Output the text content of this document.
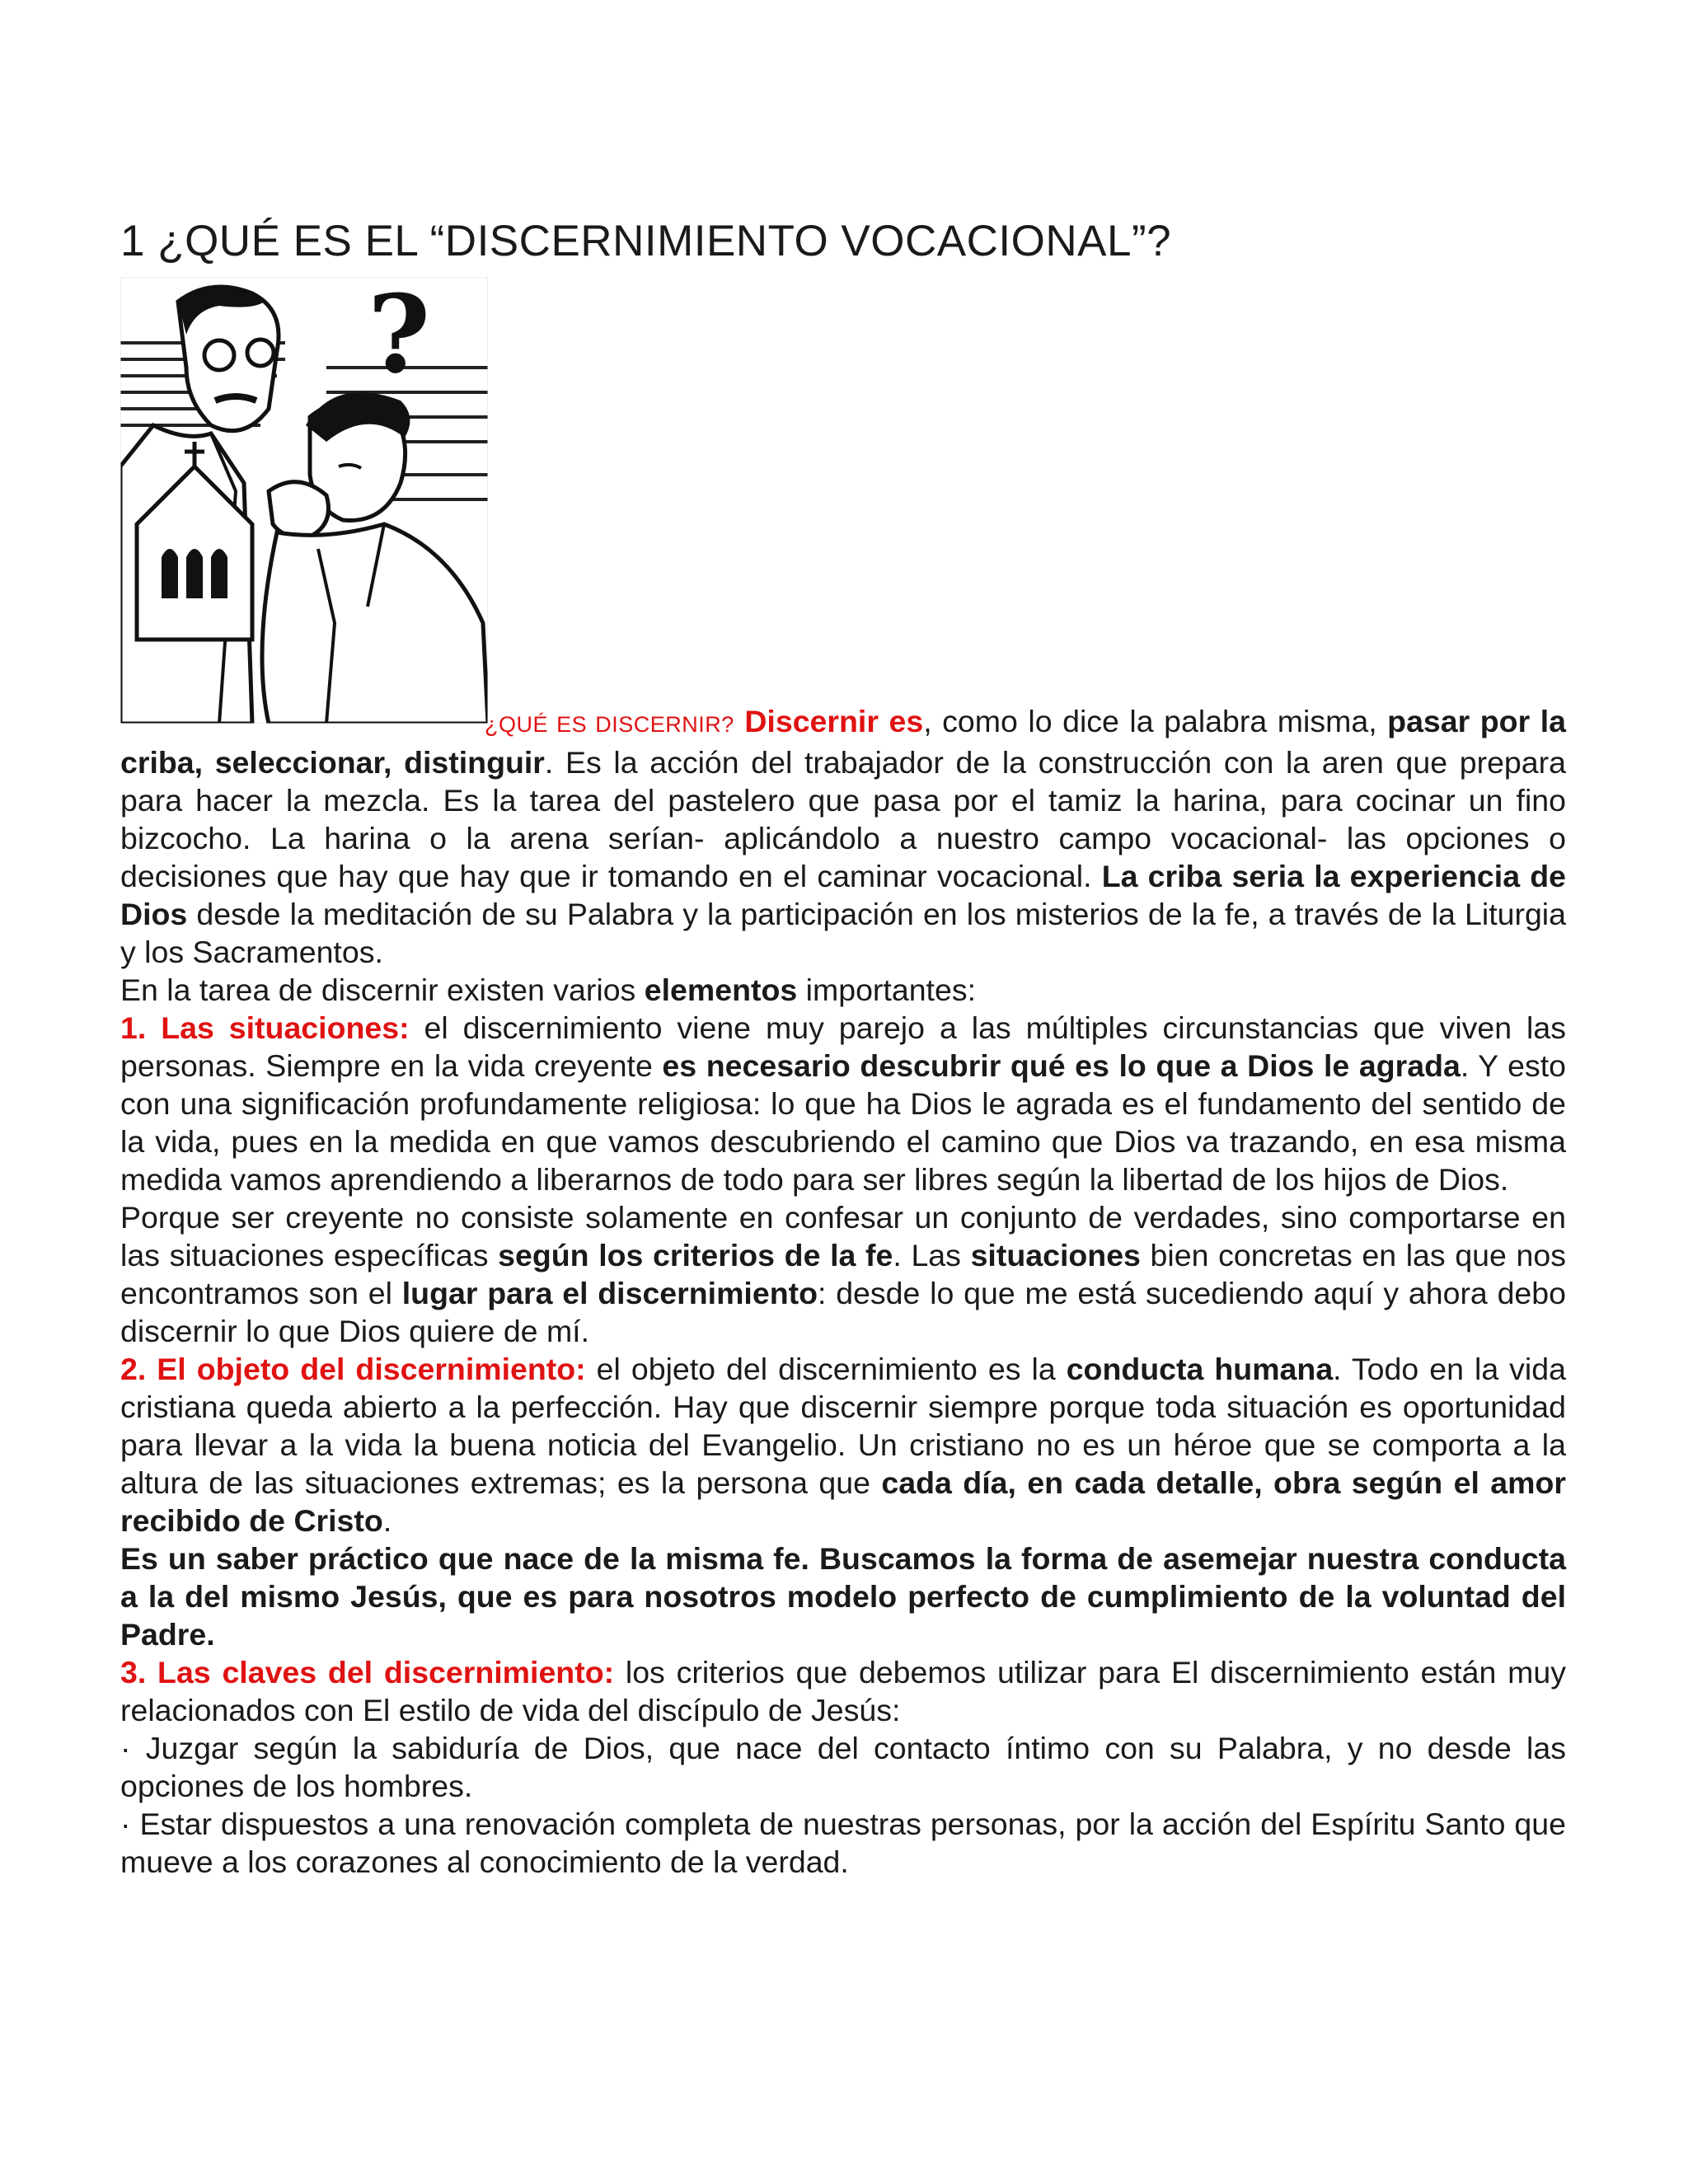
1 ¿QUÉ ES EL “DISCERNIMIENTO VOCACIONAL”?
?

¿QUÉ ES DISCERNIR? Discernir es, como lo dice la palabra misma, pasar por la criba, seleccionar, distinguir. Es la acción del trabajador de la construcción con la aren que prepara para hacer la mezcla. Es la tarea del pastelero que pasa por el tamiz la harina, para cocinar un fino bizcocho. La harina o la arena serían- aplicándolo a nuestro campo vocacional- las opciones o decisiones que hay que hay que ir tomando en el caminar vocacional. La criba seria la experiencia de Dios desde la meditación de su Palabra y la participación en los misterios de la fe, a través de la Liturgia y los Sacramentos.

En la tarea de discernir existen varios elementos importantes:

1. Las situaciones: el discernimiento viene muy parejo a las múltiples circunstancias que viven las personas. Siempre en la vida creyente es necesario descubrir qué es lo que a Dios le agrada. Y esto con una significación profundamente religiosa: lo que ha Dios le agrada es el fundamento del sentido de la vida, pues en la medida en que vamos descubriendo el camino que Dios va trazando, en esa misma medida vamos aprendiendo a liberarnos de todo para ser libres según la libertad de los hijos de Dios.

Porque ser creyente no consiste solamente en confesar un conjunto de verdades, sino comportarse en las situaciones específicas según los criterios de la fe. Las situaciones bien concretas en las que nos encontramos son el lugar para el discernimiento: desde lo que me está sucediendo aquí y ahora debo discernir lo que Dios quiere de mí.

2. El objeto del discernimiento: el objeto del discernimiento es la conducta humana. Todo en la vida cristiana queda abierto a la perfección. Hay que discernir siempre porque toda situación es oportunidad para llevar a la vida la buena noticia del Evangelio. Un cristiano no es un héroe que se comporta a la altura de las situaciones extremas; es la persona que cada día, en cada detalle, obra según el amor recibido de Cristo.

Es un saber práctico que nace de la misma fe. Buscamos la forma de asemejar nuestra conducta a la del mismo Jesús, que es para nosotros modelo perfecto de cumplimiento de la voluntad del Padre.

3. Las claves del discernimiento: los criterios que debemos utilizar para El discernimiento están muy relacionados con El estilo de vida del discípulo de Jesús:

· Juzgar según la sabiduría de Dios, que nace del contacto íntimo con su Palabra, y no desde las opciones de los hombres.

· Estar dispuestos a una renovación completa de nuestras personas, por la acción del Espíritu Santo que mueve a los corazones al conocimiento de la verdad.
